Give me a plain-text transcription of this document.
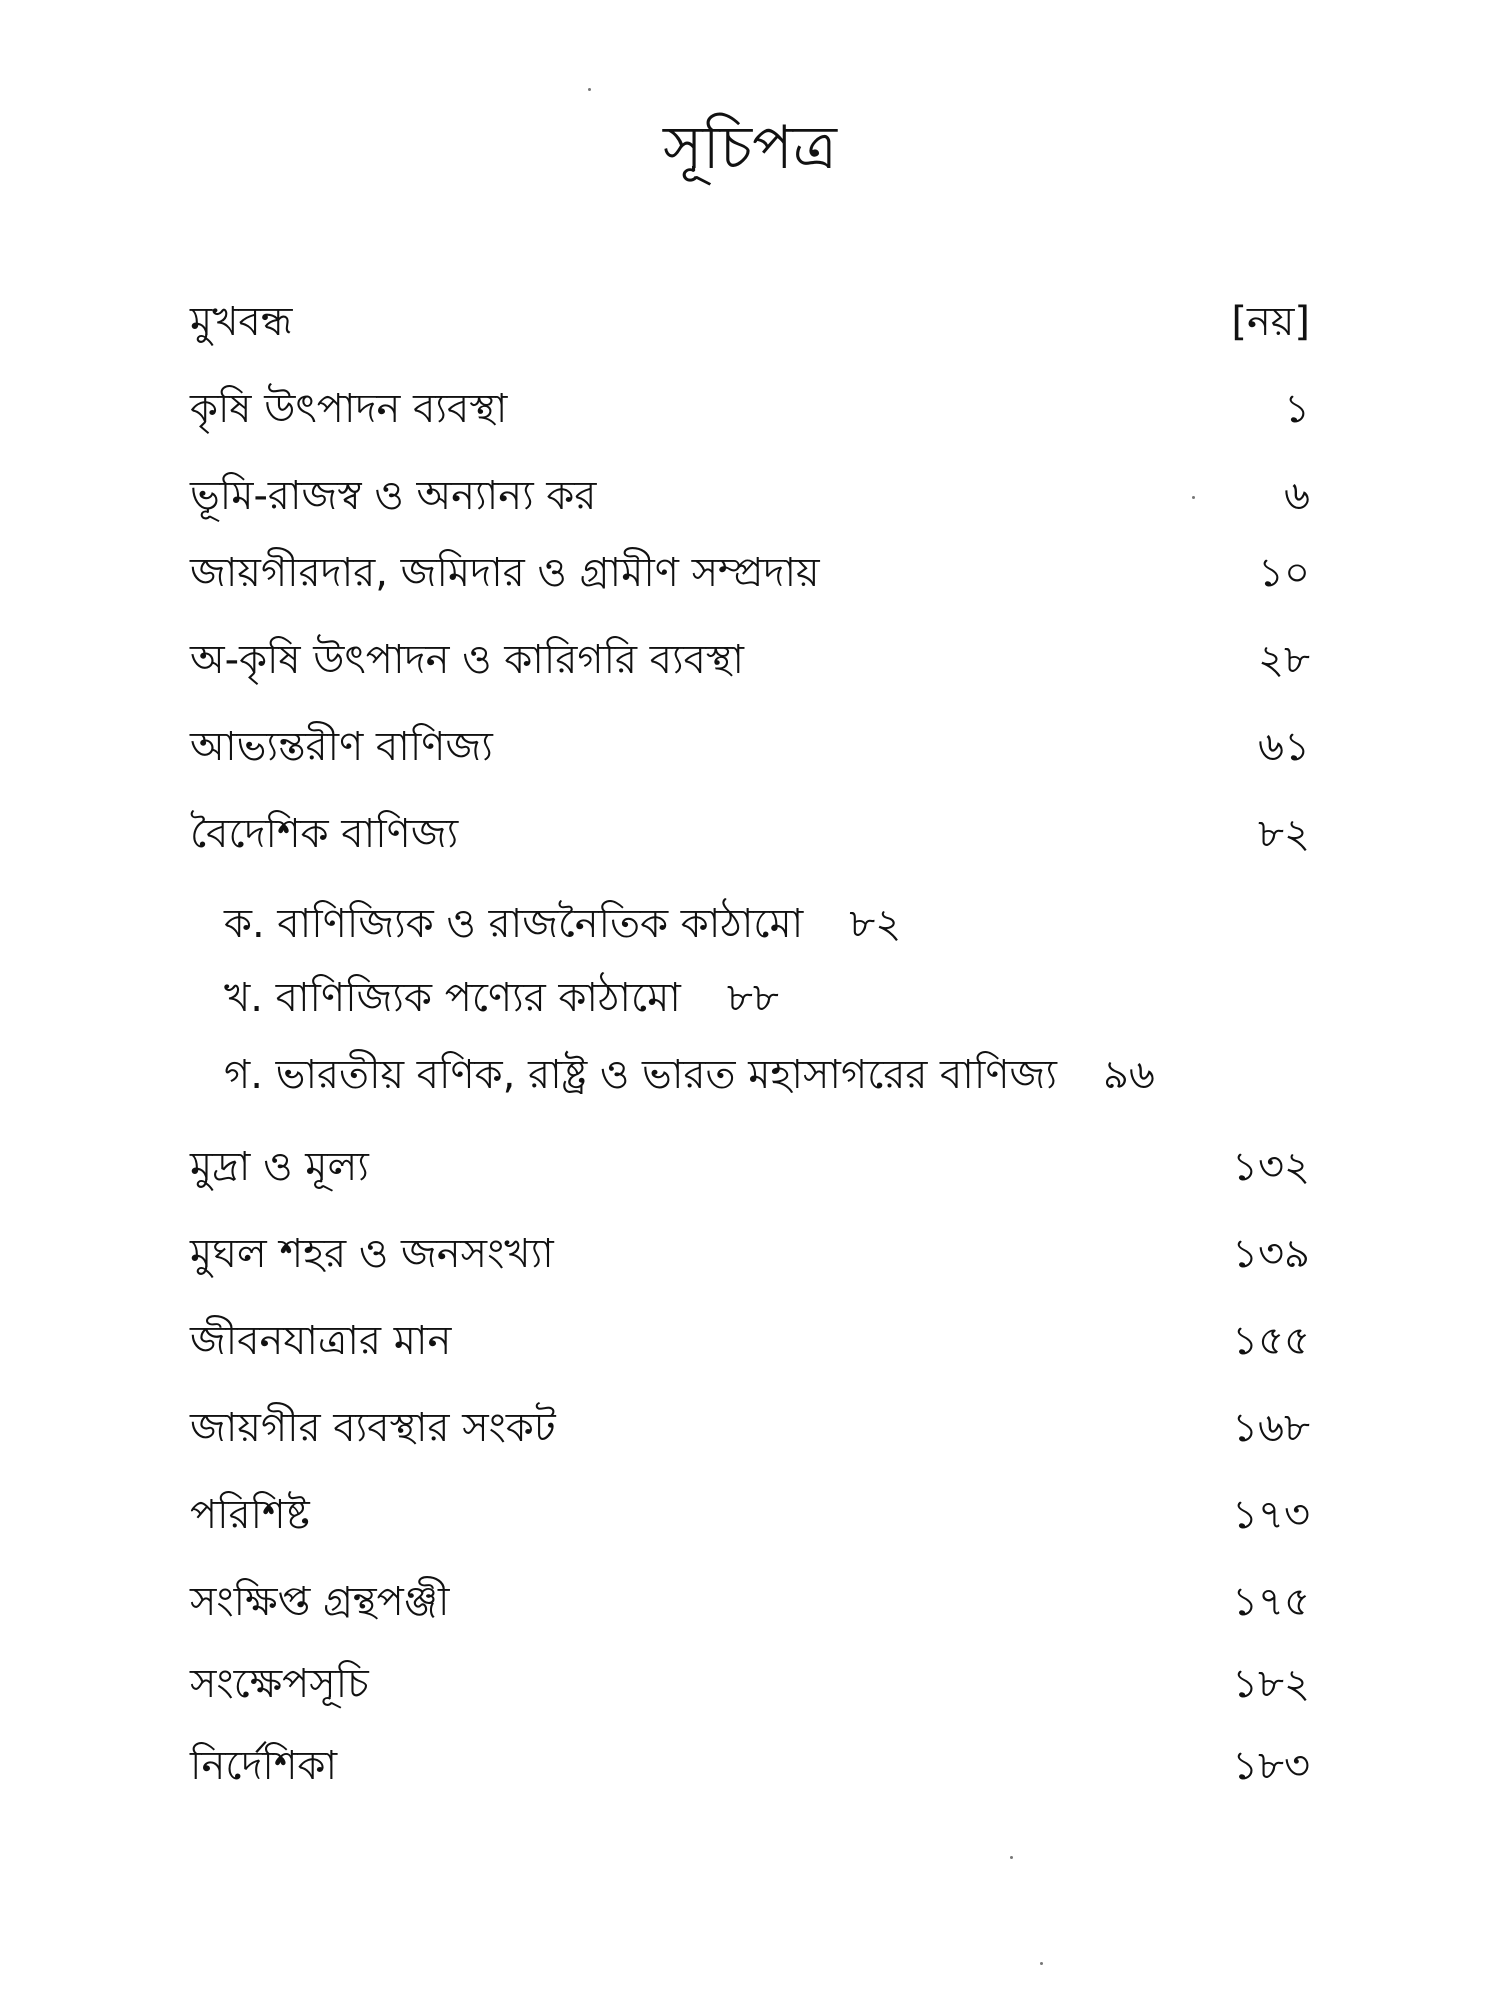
সূচিপত্র
মুখবন্ধ	[নয়]
কৃষি উৎপাদন ব্যবস্থা	১
ভূমি-রাজস্ব ও অন্যান্য কর	৬
জায়গীরদার, জমিদার ও গ্রামীণ সম্প্রদায়	১০
অ-কৃষি উৎপাদন ও কারিগরি ব্যবস্থা	২৮
আভ্যন্তরীণ বাণিজ্য	৬১
বৈদেশিক বাণিজ্য	৮২
ক. বাণিজ্যিক ও রাজনৈতিক কাঠামো ৮২
খ. বাণিজ্যিক পণ্যের কাঠামো ৮৮
গ. ভারতীয় বণিক, রাষ্ট্র ও ভারত মহাসাগরের বাণিজ্য ৯৬
মুদ্রা ও মূল্য	১৩২
মুঘল শহর ও জনসংখ্যা	১৩৯
জীবনযাত্রার মান	১৫৫
জায়গীর ব্যবস্থার সংকট	১৬৮
পরিশিষ্ট	১৭৩
সংক্ষিপ্ত গ্রন্থপঞ্জী	১৭৫
সংক্ষেপসূচি	১৮২
নির্দেশিকা	১৮৩
